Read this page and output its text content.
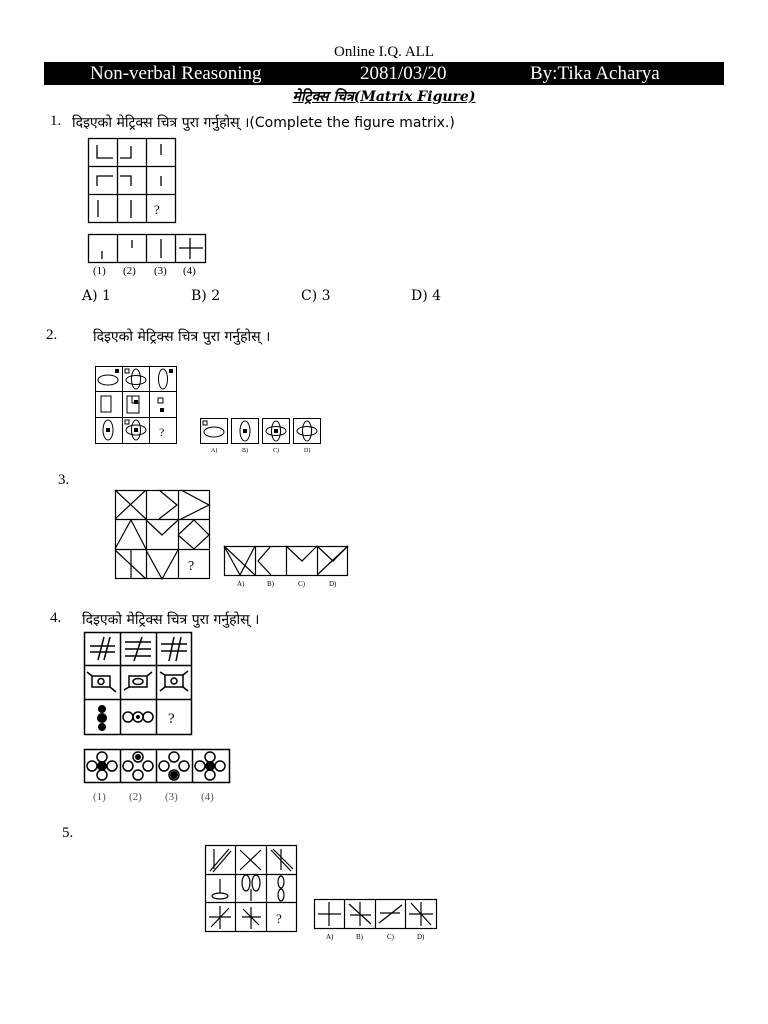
Online I.Q. ALL
Non-verbal Reasoning	2081/03/20	By:Tika Acharya
मेट्रिक्स चित्र(Matrix Figure)
1. दिइएको मेट्रिक्स चित्र पुरा गर्नुहोस् ।(Complete the figure matrix.)
?
(1) (2) (3) (4)
A) 1	B) 2	C) 3	D) 4
2.	दिइएको मेट्रिक्स चित्र पुरा गर्नुहोस् ।
?
A)	B)	C)	D)
3.
?
A)	B)	C)	D)
4. दिइएको मेट्रिक्स चित्र पुरा गर्नुहोस् ।
?
(1) (2) (3) (4)
5.
?
A)	B)	C)	D)
